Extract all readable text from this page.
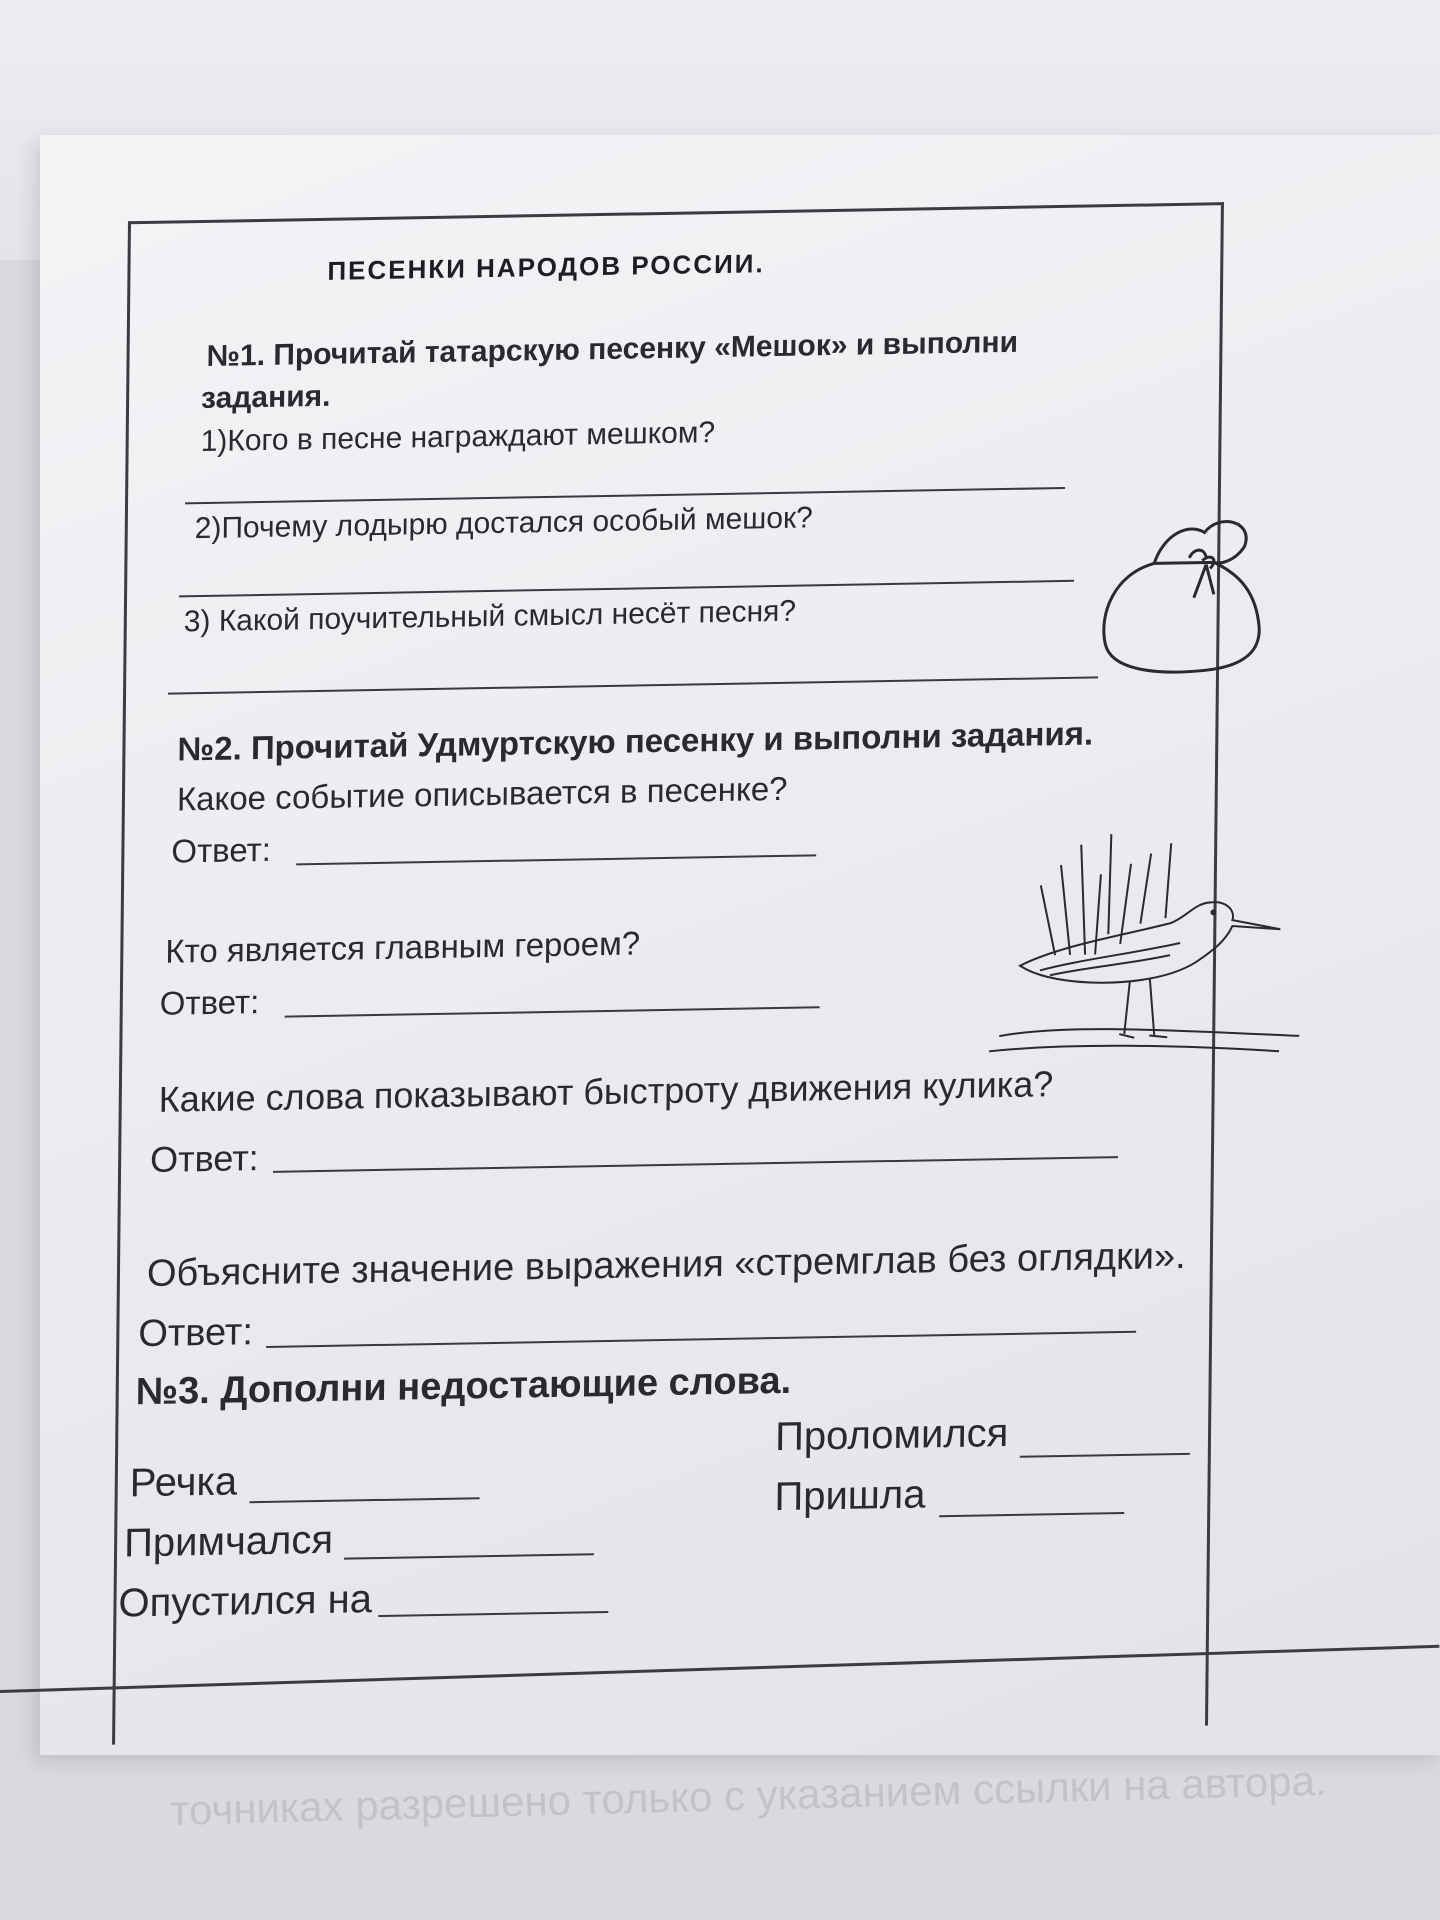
ПЕСЕНКИ НАРОДОВ РОССИИ.
№1. Прочитай татарскую песенку «Мешок» и выполни
задания.
1)Кого в песне награждают мешком?
2)Почему лодырю достался особый мешок?
3) Какой поучительный смысл несёт песня?
№2. Прочитай Удмуртскую песенку и выполни задания.
Какое событие описывается в песенке?
Ответ:
Кто является главным героем?
Ответ:
Какие слова показывают быстроту движения кулика?
Ответ:
Объясните значение выражения «стремглав без оглядки».
Ответ:
№3. Дополни недостающие слова.
Речка
Примчался
Опустился на
Проломился
Пришла
точниках разрешено только с указанием ссылки на автора.
